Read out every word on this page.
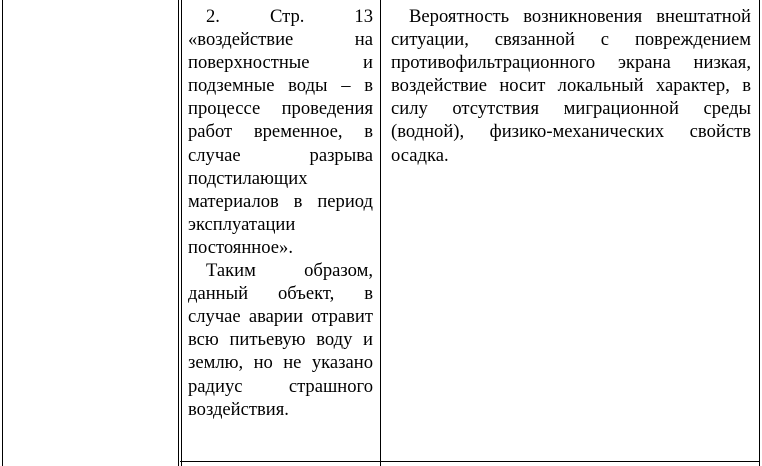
2. Стр. 13 «воздействие на поверхностные и подземные воды – в процессе проведения работ временное, в случае разрыва подстилающих материалов в период эксплуатации постоянное».

Таким образом, данный объект, в случае аварии отравит всю питьевую воду и землю, но не указано радиус страшного воздействия.

Вероятность возникновения внештатной ситуации, связанной с повреждением противофильтрационного экрана низкая, воздействие носит локальный характер, в силу отсутствия миграционной среды (водной), физико-механических свойств осадка.
